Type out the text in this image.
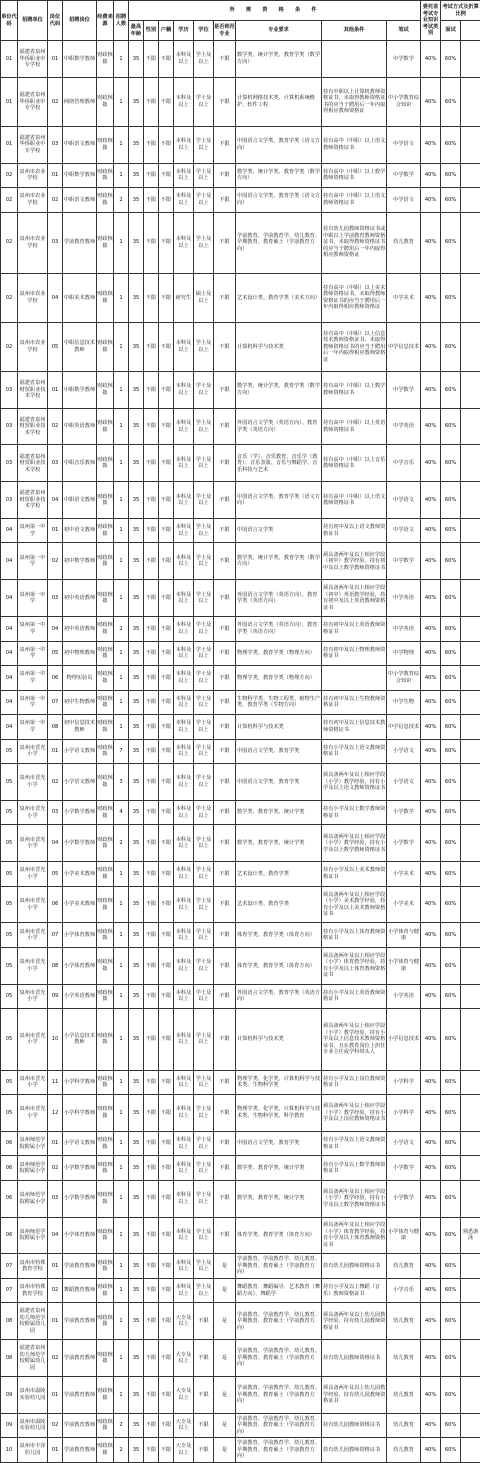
单位代码	招聘单位	岗位代码	招聘岗位	经费来源	招聘人数	所　需　资　格　条　件									委托省考试专业知识考试类别	考试方式及折算比例	
						最高年龄	性别	户籍	学历	学位	是否师范专业	专业要求	其他条件	笔试		面试		
01	福建省泉州华侨职业中专学校	01	中职数学教师	财政核拨	1	35	不限	不限	本科及以上	学士及以上	不限	数学类、统计学类、教育学类（数学方向）		中学数学	40%	60%		
01	福建省泉州华侨职业中专学校	02	网络管理教师	财政核拨	1	35	不限	不限	本科及以上	学士及以上	不限	计算机网络技术类、计算机系统维护、软件工程	持有中职以上计算机教师资格证书，未取得教师资格证书的应当于聘用后一年内取得相应教师资格证	中小学教育综合知识	40%	60%		
01	福建省泉州华侨职业中专学校	03	中职语文教师	财政核拨	1	35	不限	不限	本科及以上	学士及以上	不限	中国语言文学类、教育学类（语文方向）	持有高中（中职）以上语文教师资格证书	中学语文	40%	60%		
02	泉州市农业学校	01	中职数学教师	财政核拨	1	35	不限	不限	本科及以上	学士及以上	不限	数学类、统计学类、教育学类（数学方向）	持有高中（中职）以上数学教师资格证书	中学数学	40%	60%		
02	泉州市农业学校	02	中职语文教师	财政核拨	2	35	不限	不限	本科及以上	学士及以上	不限	中国语言文学类、教育学类（语文方向）	持有高中（中职）以上语文教师资格证书	中学语文	40%	60%		
02	泉州市农业学校	03	学前教育教师	财政核拨	1	35	不限	不限	本科及以上	学士及以上	不限	学前教育、学前教育学、幼儿教育、早期教育、教育硕士（学前教育方向）	持有幼儿园教师资格证书或中职以上学前教育教师资格证书，未取得教师资格证书的应当于聘用后一年内取得相应教师资格证	幼儿教育	40%	60%		
02	泉州市农业学校	04	中职美术教师	财政核拨	1	35	不限	不限	研究生	硕士及以上	不限	艺术设计类、教育学类（美术方向）	持有高中（中职）以上美术教师资格证书，未取得教师资格证书的应当于聘用后一年内取得相应教师资格证	中学美术	40%	60%		
02	泉州市农业学校	05	中职信息技术教师	财政核拨	1	35	不限	不限	本科及以上	学士及以上	不限	计算机科学与技术类	持有高中（中职）以上信息技术教师资格证书，未取得教师资格证书的应当于聘用后一年内取得相应教师资格证	中学信息技术	40%	60%		
03	福建省泉州财贸职业技术学校	01	中职数学教师	财政核拨	1	35	不限	不限	本科及以上	学士及以上	不限	数学类、统计学类、教育学类（数学方向）	持有高中（中职）以上数学教师资格证书	中学数学	40%	60%		
03	福建省泉州财贸职业技术学校	02	中职英语教师	财政核拨	1	35	不限	不限	本科及以上	学士及以上	不限	外国语言文学类（英语方向）、教育学类（英语方向）	持有高中（中职）以上英语教师资格证书	中学英语	40%	60%		
03	福建省泉州财贸职业技术学校	03	中职音乐教师	财政核拨	1	35	不限	不限	本科及以上	学士及以上	不限	音乐（学）、音乐教育、音乐学（教育）、音乐表演、音乐与舞蹈学、音乐科技与艺术	持有高中（中职）以上音乐教师资格证书	中学音乐	40%	60%		
03	福建省泉州财贸职业技术学校	04	中职语文教师	财政核拨	1	35	不限	不限	本科及以上	学士及以上	不限	中国语言文学类、教育学类（语文方向）	持有高中（中职）以上语文教师资格证书	中学语文	40%	60%		
04	泉州第一中学	01	初中语文教师	财政核拨	1	35	不限	不限	本科及以上	学士及以上	不限	中国语言文学类	持有初中及以上语文教师资格证书	中学语文	40%	60%		
04	泉州第一中学	02	初中数学教师	财政核拨	1	35	不限	不限	本科及以上	学士及以上	不限	数学类、统计学类、教育学类（数学方向）	须具备两年及以上相应学段（初中）教学经验，持有初中及以上数学教师资格证书	中学数学	40%	60%		
04	泉州第一中学	03	初中英语教师	财政核拨	1	35	不限	不限	本科及以上	学士及以上	不限	外国语言文学类（英语方向）、教育学类（英语方向）	须具备两年及以上相应学段（初中）英语教学经验，持有初中及以上英语教师资格证书	中学英语	40%	60%		
04	泉州第一中学	04	初中英语教师	财政核拨	2	35	不限	不限	本科及以上	学士及以上	不限	外国语言文学类（英语方向）、教育学类（英语方向）	持有初中及以上英语教师资格证书	中学英语	40%	60%		
04	泉州第一中学	05	初中物理教师	财政核拨	1	35	不限	不限	本科及以上	学士及以上	不限	物理学类、教育学类（物理方向）	持有初中及以上物理教师资格证书	中学物理	40%	60%		
04	泉州第一中学	06	物理实验员	财政核拨	1	35	不限	不限	本科及以上	学士及以上	不限	物理学类、教育学类（物理方向）		中小学教育综合知识	40%	60%		
04	泉州第一中学	07	初中生物教师	财政核拨	1	35	不限	不限	本科及以上	学士及以上	不限	生物科学类、生物工程类、植物生产类、教育学类（生物方向）	持有初中及以上生物教师资格证书	中学生物	40%	60%		
04	泉州第一中学	08	初中信息技术教师	财政核拨	1	35	不限	不限	本科及以上	学士及以上	不限	计算机科学与技术类	持有初中及以上信息技术教师资格证书	中学信息技术	40%	60%		
05	泉州市晋光小学	01	小学语文教师	财政核拨	7	35	不限	不限	本科及以上	学士及以上	不限	中国语言文学类、教育学类	持有小学及以上语文教师资格证书	小学语文	40%	60%		
05	泉州市晋光小学	02	小学语文教师	财政核拨	3	35	不限	不限	本科及以上	学士及以上	不限	中国语言文学类、教育学类	须具备两年及以上相应学段（小学）教学经验，持有小学及以上语文教师资格证书	小学语文	40%	60%		
05	泉州市晋光小学	03	小学数学教师	财政核拨	4	35	不限	不限	本科及以上	学士及以上	不限	数学类、教育学类、统计学类	持有小学及以上数学教师资格证书	小学数学	40%	60%		
05	泉州市晋光小学	04	小学数学教师	财政核拨	2	35	不限	不限	本科及以上	学士及以上	不限	数学类、教育学类、统计学类	须具备两年及以上相应学段（小学）教学经验，持有小学及以上数学教师资格证书	小学数学	40%	60%		
05	泉州市晋光小学	05	小学美术教师	财政核拨	1	35	不限	不限	本科及以上	学士及以上	不限	艺术设计类、教育学类	持有小学及以上美术教师资格证书	小学美术	40%	60%		
05	泉州市晋光小学	06	小学美术教师	财政核拨	1	35	不限	不限	本科及以上	学士及以上	不限	艺术设计类、教育学类	须具备两年及以上相应学段（小学）美术教学经验，持有小学及以上美术教师资格证书	小学美术	40%	60%		
05	泉州市晋光小学	07	小学体育教师	财政核拨	1	35	不限	不限	本科及以上	学士及以上	不限	体育学类、教育学类（体育方向）	持有小学及以上体育教师资格证书	小学体育与健康	40%	60%		
05	泉州市晋光小学	08	小学体育教师	财政核拨	1	35	不限	不限	本科及以上	学士及以上	不限	体育学类、教育学类（体育方向）	须具备两年及以上相应学段（小学）体育教学经验，持有小学及以上体育教师资格证书	小学体育与健康	40%	60%		
05	泉州市晋光小学	09	小学英语教师	财政核拨	1	35	不限	不限	本科及以上	学士及以上	不限	外国语言文学类、教育学类（英语方向）	持有小学及以上英语教师资格证书	小学英语	40%	60%		
05	泉州市晋光小学	10	小学信息技术教师	财政核拨	1	35	不限	不限	本科及以上	学士及以上	不限	计算机科学与技术类	须具备两年及以上相应学段（小学）教学经验，持有小学及以上信息技术教师资格证书，且在教育岗位上担任专业主任或学科带头人	小学信息技术	40%	60%		
05	泉州市晋光小学	11	小学科学教师	财政核拨	1	35	不限	不限	本科及以上	学士及以上	不限	物理学类、化学类、计算机科学与技术类、生物科学类	持有小学及以上岗位教师资格证书	小学科学	40%	60%		
05	泉州市晋光小学	12	小学科学教师	财政核拨	1	35	不限	不限	本科及以上	学士及以上	不限	物理学类、化学类、计算机科学与技术类、生物科学类、科学教育	须具备两年及以上相应学段（小学）教学经验，持有小学及以上岗位教师资格证书	小学科学	40%	60%		
06	泉州师范学院附属小学	01	小学语文教师	财政核拨	1	35	不限	不限	本科及以上	学士及以上	不限	中国语言文学类、教育学类	持有小学及以上语文教师资格证书	小学语文	40%	60%		
06	泉州师范学院附属小学	02	小学数学教师	财政核拨	1	35	不限	不限	本科及以上	学士及以上	不限	数学类、教育学类、统计学类	持有小学及以上数学教师资格证书	小学数学	40%	60%		
06	泉州师范学院附属小学	03	小学数学教师	财政核拨	1	35	不限	不限	本科及以上	学士及以上	不限	数学类、教育学类、统计学类	须具备两年及以上相应学段（小学）教学经验，持有小学及以上数学教师资格证书	小学数学	40%	60%		
06	泉州师范学院附属小学	04	小学体育教师	财政核拨	1	35	不限	不限	本科及以上	学士及以上	不限	体育学类、教育学类（体育方向）	须具备两年及以上相应学段（小学）体育教学经验，持有小学及以上体育教师资格证书	小学体育与健康	40%	60%	熟悉游泳	
07	泉州市特殊教育学校	01	学前教育教师	财政核拨	1	35	不限	不限	本科及以上	学士及以上	是	学前教育、学前教育学、幼儿教育、早期教育、教育硕士（学前教育方向）	持有幼儿园教师资格证书	幼儿教育	40%	60%		
07	泉州市特殊教育学校	02	舞蹈教育教师	财政核拨	1	35	不限	不限	本科及以上	学士及以上	是	舞蹈教育、舞蹈编导、艺术教育（舞蹈方向）、舞蹈学	持有小学及以上舞蹈（音乐）教师资格证书	小学音乐	40%	60%		
08	福建省泉州幼儿师范学校附属幼儿园	01	学前教育教师	财政核拨	1	35	不限	不限	大专及以上	不限	是	学前教育、学前教育学、幼儿教育、早期教育、教育硕士（学前教育方向）	须具备两年及以上幼儿园教学经验，持有幼儿园教师资格证书	幼儿教育	40%	60%		
08	福建省泉州幼儿师范学校附属幼儿园	02	学前教育教师	财政核拨	1	35	不限	不限	大专及以上	不限	是	学前教育、学前教育学、幼儿教育、早期教育、教育硕士（学前教育方向）	持有幼儿园教师资格证书	幼儿教育	40%	60%		
09	泉州市温陵实验幼儿园	01	学前教育教师	财政核拨	1	35	不限	不限	大专及以上	不限	是	学前教育、学前教育学、幼儿教育、早期教育、教育硕士（学前教育方向）	须具备两年及以上幼儿园教学经验，持有幼儿园教师资格证书	幼儿教育	40%	60%		
09	泉州市温陵实验幼儿园	02	学前教育教师	财政核拨	2	35	不限	不限	大专及以上	不限	是	学前教育、学前教育学、幼儿教育、早期教育、教育硕士（学前教育方向）	持有幼儿园教师资格证书	幼儿教育	40%	60%		
10	泉州市丰泽幼儿园	01	学前教育教师	财政核拨	2	35	不限	不限	大专及以上	不限	是	学前教育、学前教育学、幼儿教育、早期教育、教育硕士（学前教育方向）	持有幼儿园教师资格证书	幼儿教育	40%	60%		
